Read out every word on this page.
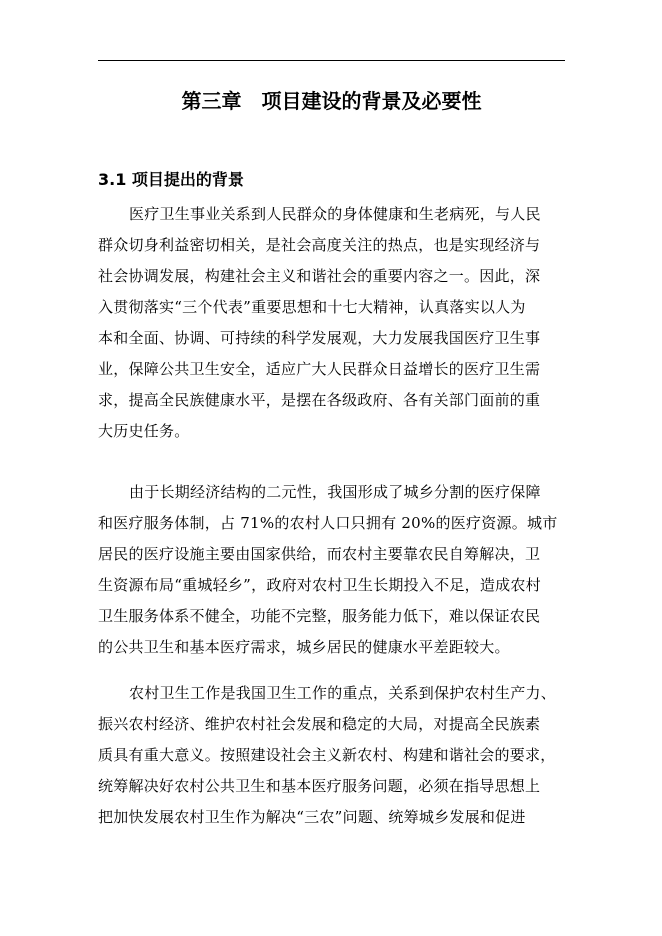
第三章　项目建设的背景及必要性
3.1 项目提出的背景
医疗卫生事业关系到人民群众的身体健康和生老病死，与人民
群众切身利益密切相关，是社会高度关注的热点，也是实现经济与
社会协调发展，构建社会主义和谐社会的重要内容之一。因此，深
入贯彻落实“三个代表”重要思想和十七大精神，认真落实以人为
本和全面、协调、可持续的科学发展观，大力发展我国医疗卫生事
业，保障公共卫生安全，适应广大人民群众日益增长的医疗卫生需
求，提高全民族健康水平，是摆在各级政府、各有关部门面前的重
大历史任务。
由于长期经济结构的二元性，我国形成了城乡分割的医疗保障
和医疗服务体制，占 71%的农村人口只拥有 20%的医疗资源。城市
居民的医疗设施主要由国家供给，而农村主要靠农民自筹解决，卫
生资源布局“重城轻乡”，政府对农村卫生长期投入不足，造成农村
卫生服务体系不健全，功能不完整，服务能力低下，难以保证农民
的公共卫生和基本医疗需求，城乡居民的健康水平差距较大。
农村卫生工作是我国卫生工作的重点，关系到保护农村生产力、
振兴农村经济、维护农村社会发展和稳定的大局，对提高全民族素
质具有重大意义。按照建设社会主义新农村、构建和谐社会的要求，
统筹解决好农村公共卫生和基本医疗服务问题，必须在指导思想上
把加快发展农村卫生作为解决“三农”问题、统筹城乡发展和促进
